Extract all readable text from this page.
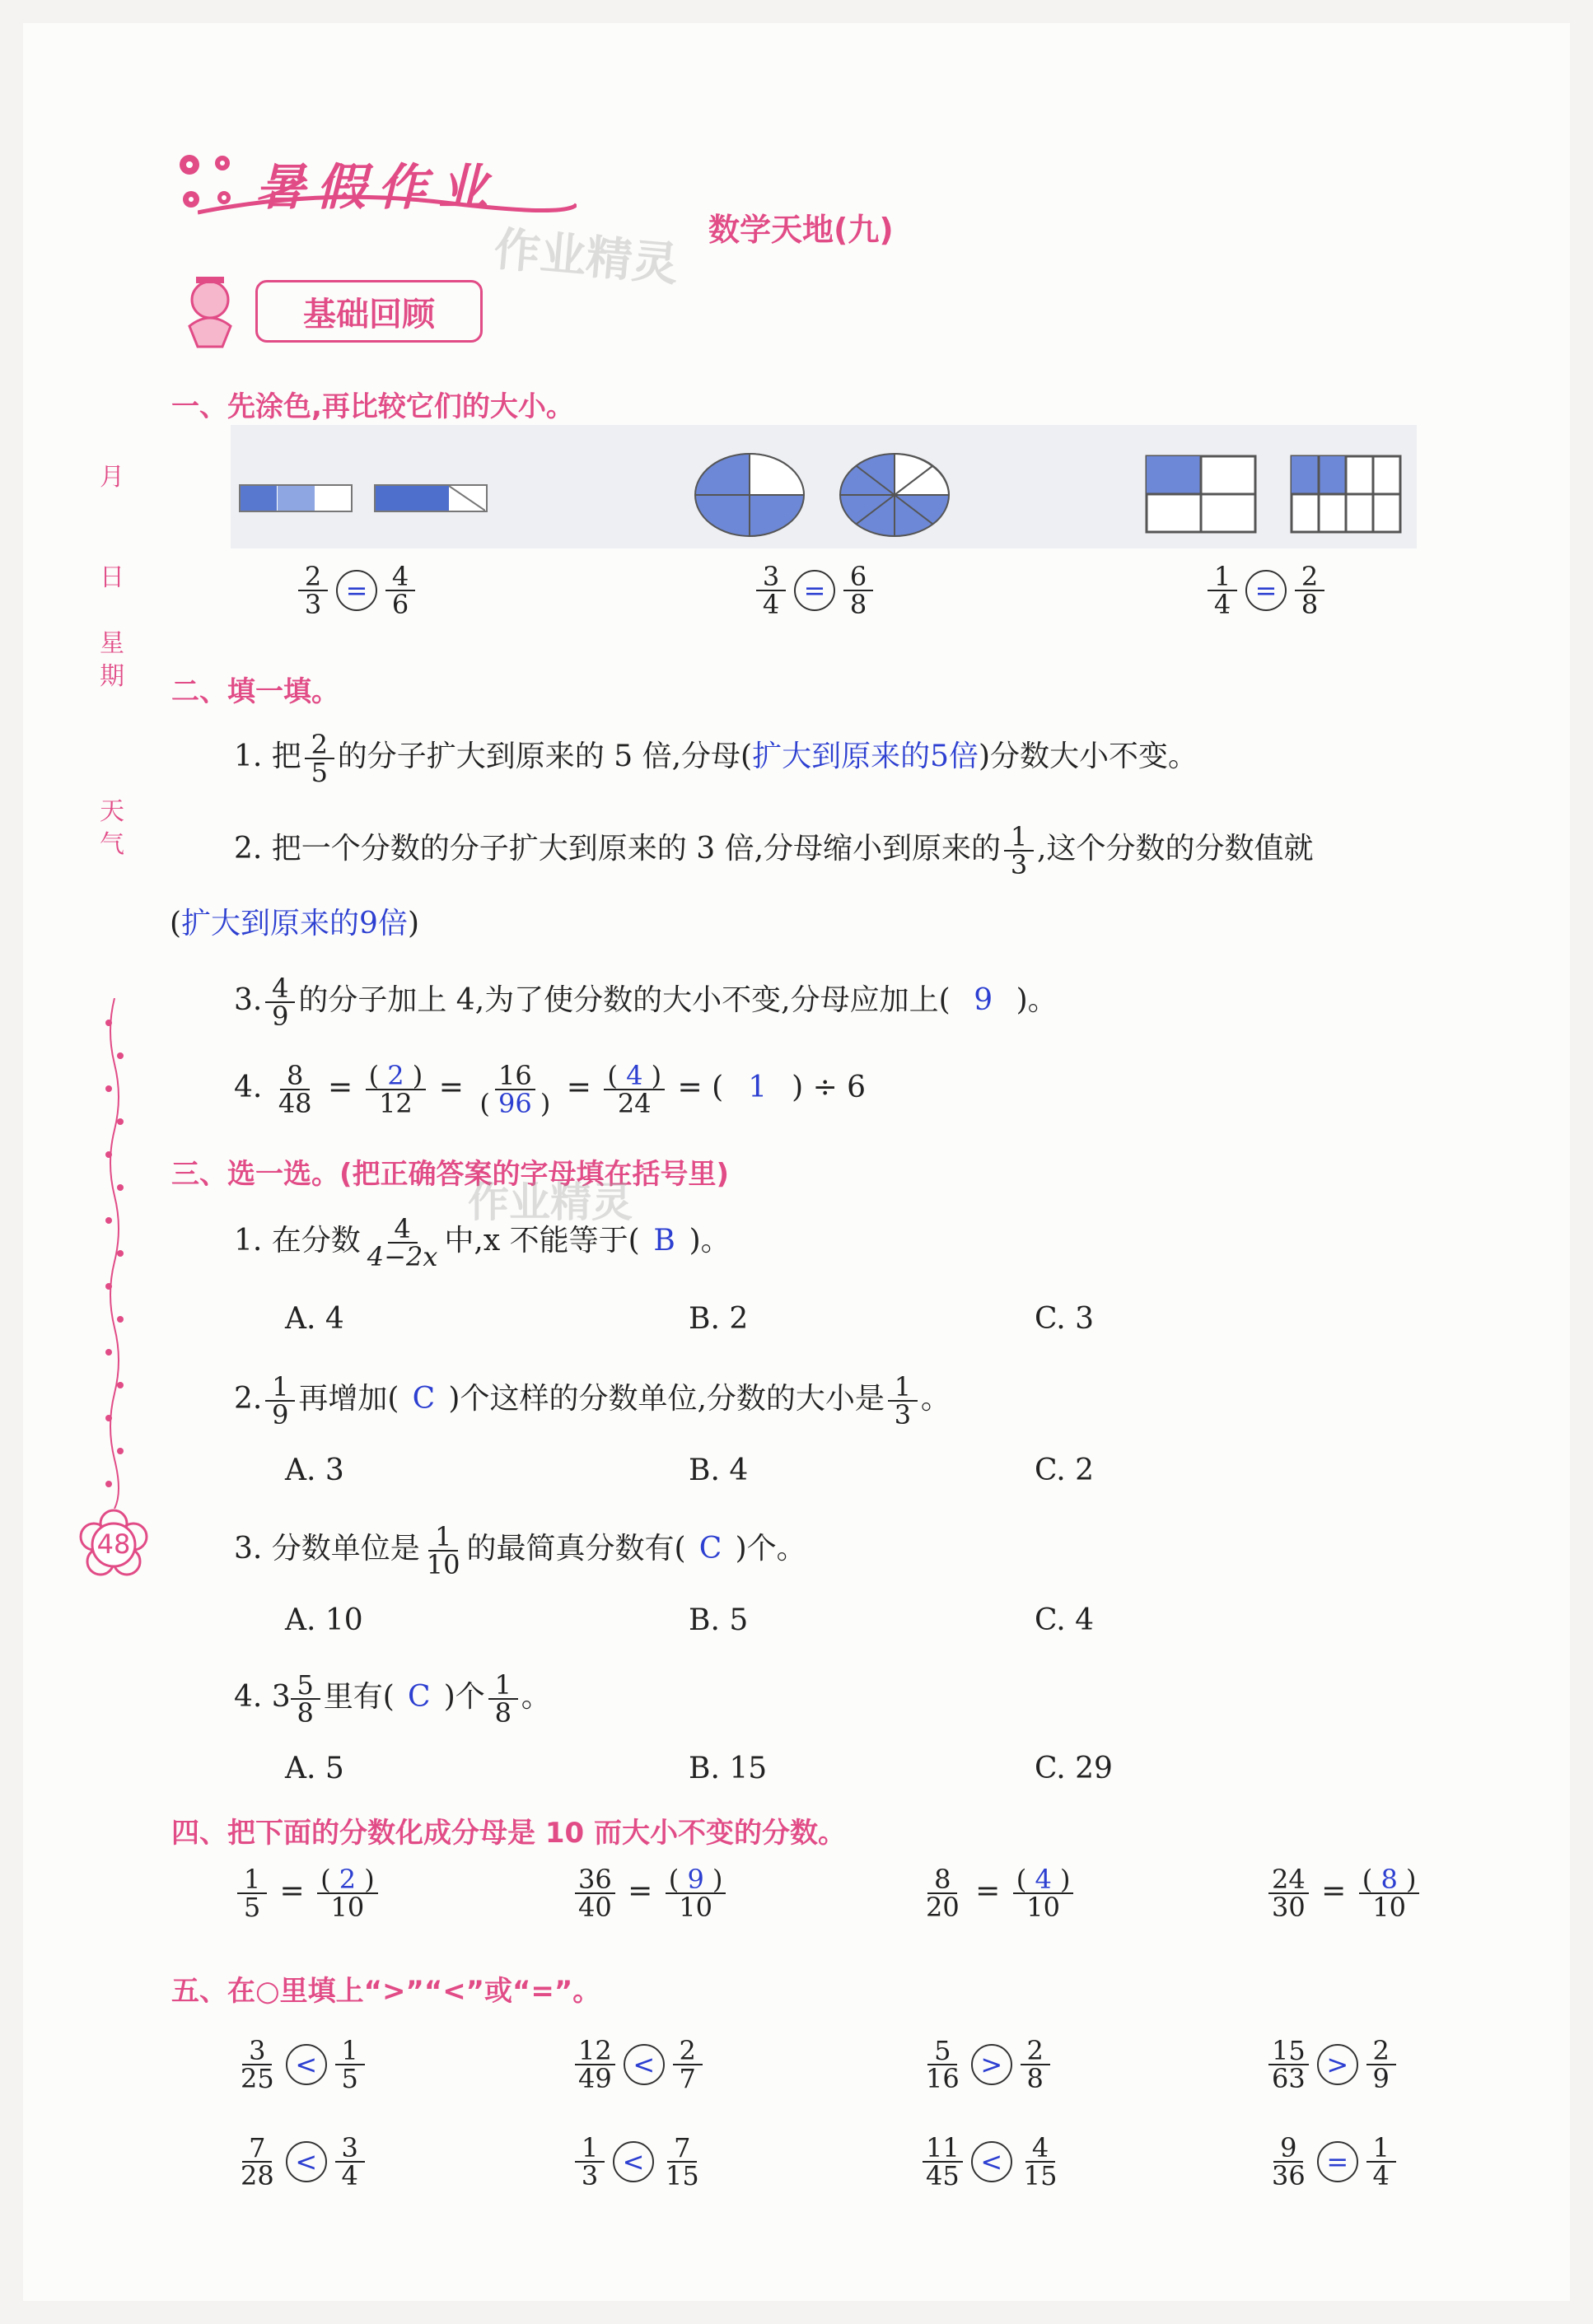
暑假作业
数学天地(九)
作业精灵
基础回顾
月
日
星期
天气
48
一、先涂色,再比较它们的大小。
$\frac{2}{3} = \frac{4}{6}$	$\frac{3}{4} = \frac{6}{8}$	$\frac{1}{4} = \frac{2}{8}$
二、填一填。
1. 把 $\frac{2}{5}$ 的分子扩大到原来的 5 倍,分母(扩大到原来的5倍)分数大小不变。
2. 把一个分数的分子扩大到原来的 3 倍,分母缩小到原来的 $\frac{1}{3}$ ,这个分数的分数值就
(扩大到原来的9倍)
3. $\frac{4}{9}$ 的分子加上 4,为了使分数的大小不变,分母应加上( 9 )。
4. $\frac{8}{48} = \frac{( 2 )}{12} = \frac{16}{( 96 )} = \frac{( 4 )}{24}$ = ( 1 ) ÷ 6
三、选一选。(把正确答案的字母填在括号里)
作业精灵
1. 在分数 $\frac{4}{4-2x}$ 中,x 不能等于( B )。
A. 4	B. 2	C. 3
2. $\frac{1}{9}$ 再增加( C )个这样的分数单位,分数的大小是 $\frac{1}{3}$ 。
A. 3	B. 4	C. 2
3. 分数单位是 $\frac{1}{10}$ 的最简真分数有( C )个。
A. 10	B. 5	C. 4
4. $3 \frac{5}{8}$ 里有( C )个 $\frac{1}{8}$ 。
A. 5	B. 15	C. 29
四、把下面的分数化成分母是 10 而大小不变的分数。
$\frac{1}{5} = \frac{( 2 )}{10}$	$\frac{36}{40} = \frac{( 9 )}{10}$	$\frac{8}{20} = \frac{( 4 )}{10}$	$\frac{24}{30} = \frac{( 8 )}{10}$
五、在○里填上“>”“<”或“=”。
$\frac{3}{25} < \frac{1}{5}$	$\frac{12}{49} < \frac{2}{7}$	$\frac{5}{16} > \frac{2}{8}$	$\frac{15}{63} > \frac{2}{9}$
$\frac{7}{28} < \frac{3}{4}$	$\frac{1}{3} < \frac{7}{15}$	$\frac{11}{45} < \frac{4}{15}$	$\frac{9}{36} = \frac{1}{4}$
